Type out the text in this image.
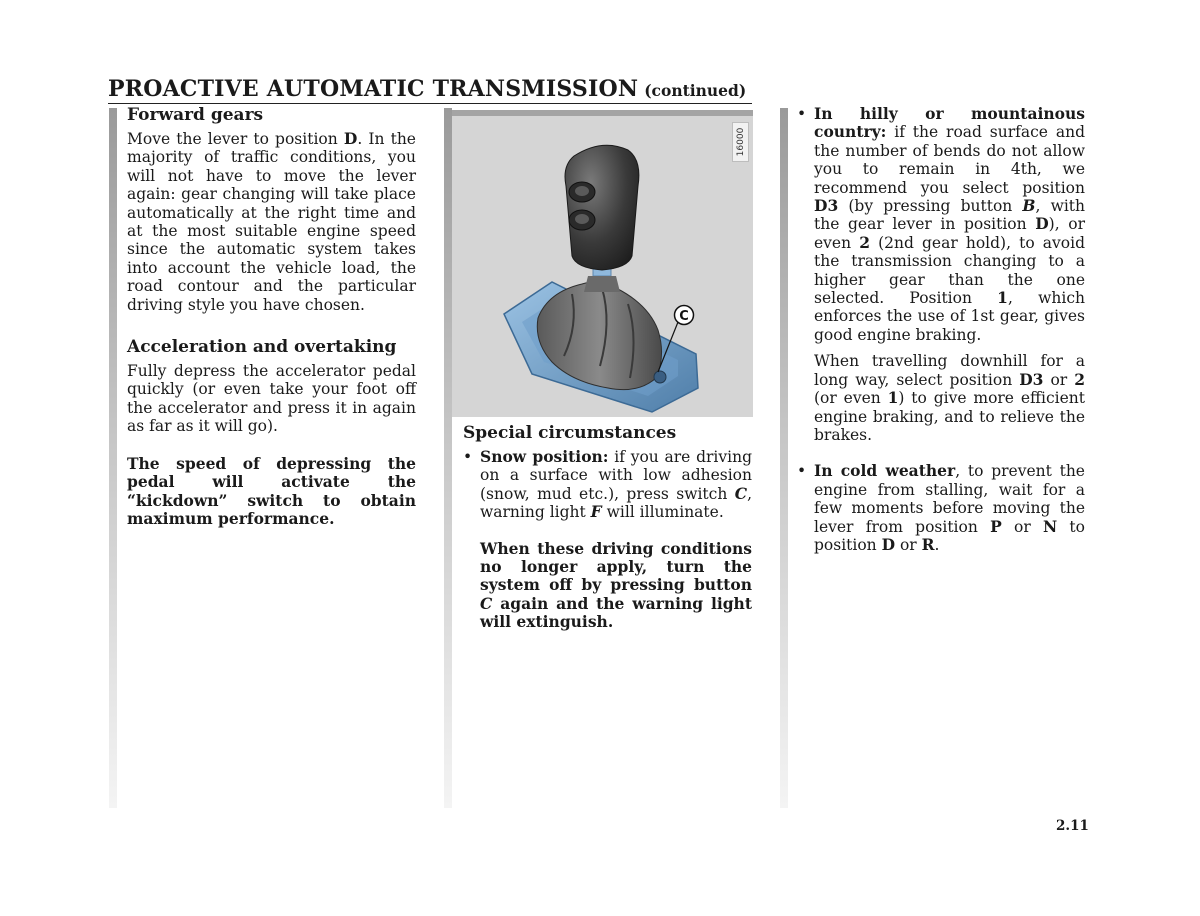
PROACTIVE AUTOMATIC TRANSMISSION (continued)

Forward gears

Move the lever to position D. In the majority of traffic conditions, you will not have to move the lever again: gear changing will take place automatically at the right time and at the most suitable engine speed since the automatic system takes into account the vehicle load, the road contour and the particular driving style you have chosen.

Acceleration and overtaking

Fully depress the accelerator pedal quickly (or even take your foot off the accelerator and press it in again as far as it will go).

The speed of depressing the pedal will activate the “kickdown” switch to obtain maximum performance.

16000
C

Special circumstances

• Snow position: if you are driving on a surface with low adhesion (snow, mud etc.), press switch C, warning light F will illuminate.

When these driving conditions no longer apply, turn the system off by pressing button C again and the warning light will extinguish.

• In hilly or mountainous country: if the road surface and the number of bends do not allow you to remain in 4th, we recommend you select position D3 (by pressing button B, with the gear lever in position D), or even 2 (2nd gear hold), to avoid the transmission changing to a higher gear than the one selected. Position 1, which enforces the use of 1st gear, gives good engine braking.

When travelling downhill for a long way, select position D3 or 2 (or even 1) to give more efficient engine braking, and to relieve the brakes.

• In cold weather, to prevent the engine from stalling, wait for a few moments before moving the lever from position P or N to position D or R.

2.11
